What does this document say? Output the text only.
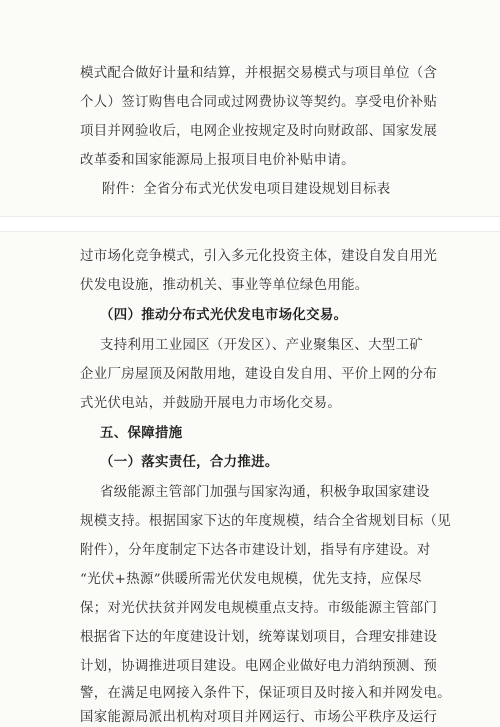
模式配合做好计量和结算，并根据交易模式与项目单位（含
个人）签订购售电合同或过网费协议等契约。享受电价补贴
项目并网验收后，电网企业按规定及时向财政部、国家发展
改革委和国家能源局上报项目电价补贴申请。
附件：全省分布式光伏发电项目建设规划目标表
过市场化竞争模式，引入多元化投资主体，建设自发自用光
伏发电设施，推动机关、事业等单位绿色用能。
（四）推动分布式光伏发电市场化交易。
支持利用工业园区（开发区）、产业聚集区、大型工矿
企业厂房屋顶及闲散用地，建设自发自用、平价上网的分布
式光伏电站，并鼓励开展电力市场化交易。
五、保障措施
（一）落实责任，合力推进。
省级能源主管部门加强与国家沟通，积极争取国家建设
规模支持。根据国家下达的年度规模，结合全省规划目标（见
附件），分年度制定下达各市建设计划，指导有序建设。对
“光伏+热源”供暖所需光伏发电规模，优先支持，应保尽
保；对光伏扶贫并网发电规模重点支持。市级能源主管部门
根据省下达的年度建设计划，统筹谋划项目，合理安排建设
计划，协调推进项目建设。电网企业做好电力消纳预测、预
警，在满足电网接入条件下，保证项目及时接入和并网发电。
国家能源局派出机构对项目并网运行、市场公平秩序及运行
